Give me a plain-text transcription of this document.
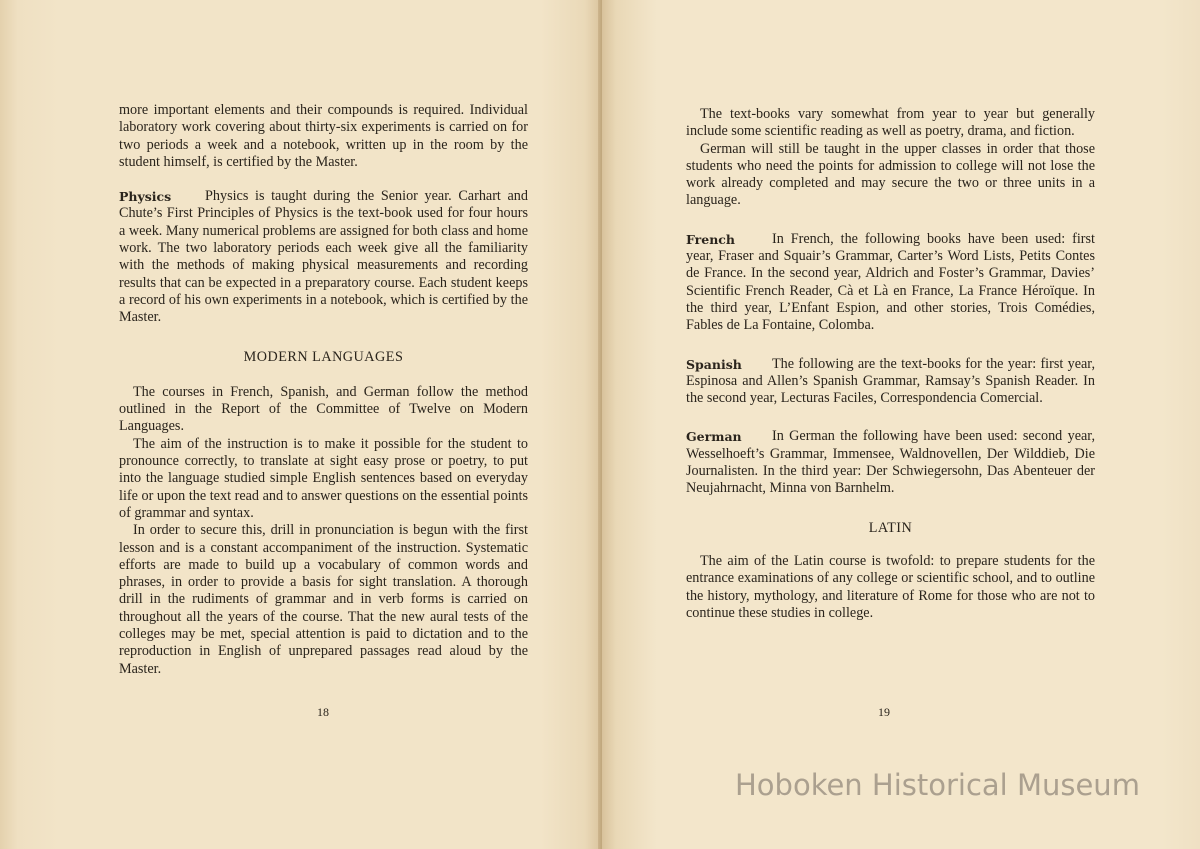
more important elements and their compounds is required. Individual laboratory work covering about thirty-six experiments is carried on for two periods a week and a notebook, written up in the room by the student himself, is certified by the Master.

Physics	Physics is taught during the Senior year. Carhart and Chute’s First Principles of Physics is the text-book used for four hours a week. Many numerical problems are assigned for both class and home work. The two laboratory periods each week give all the familiarity with the methods of making physical measurements and recording results that can be expected in a preparatory course. Each student keeps a record of his own experiments in a notebook, which is certified by the Master.

MODERN LANGUAGES

The courses in French, Spanish, and German follow the method outlined in the Report of the Committee of Twelve on Modern Languages.

The aim of the instruction is to make it possible for the student to pronounce correctly, to translate at sight easy prose or poetry, to put into the language studied simple English sentences based on everyday life or upon the text read and to answer questions on the essential points of grammar and syntax.

In order to secure this, drill in pronunciation is begun with the first lesson and is a constant accompaniment of the instruction. Systematic efforts are made to build up a vocabulary of common words and phrases, in order to provide a basis for sight translation. A thorough drill in the rudiments of grammar and in verb forms is carried on throughout all the years of the course. That the new aural tests of the colleges may be met, special attention is paid to dictation and to the reproduction in English of unprepared passages read aloud by the Master.

18

The text-books vary somewhat from year to year but generally include some scientific reading as well as poetry, drama, and fiction.

German will still be taught in the upper classes in order that those students who need the points for admission to college will not lose the work already completed and may secure the two or three units in a language.

French	In French, the following books have been used: first year, Fraser and Squair’s Grammar, Carter’s Word Lists, Petits Contes de France. In the second year, Aldrich and Foster’s Grammar, Davies’ Scientific French Reader, Cà et Là en France, La France Héroïque. In the third year, L’Enfant Espion, and other stories, Trois Comédies, Fables de La Fontaine, Colomba.

Spanish	The following are the text-books for the year: first year, Espinosa and Allen’s Spanish Grammar, Ramsay’s Spanish Reader. In the second year, Lecturas Faciles, Correspondencia Comercial.

German	In German the following have been used: second year, Wesselhoeft’s Grammar, Immensee, Waldnovellen, Der Wilddieb, Die Journalisten. In the third year: Der Schwiegersohn, Das Abenteuer der Neujahrnacht, Minna von Barnhelm.

LATIN

The aim of the Latin course is twofold: to prepare students for the entrance examinations of any college or scientific school, and to outline the history, mythology, and literature of Rome for those who are not to continue these studies in college.

19
Hoboken Historical Museum
